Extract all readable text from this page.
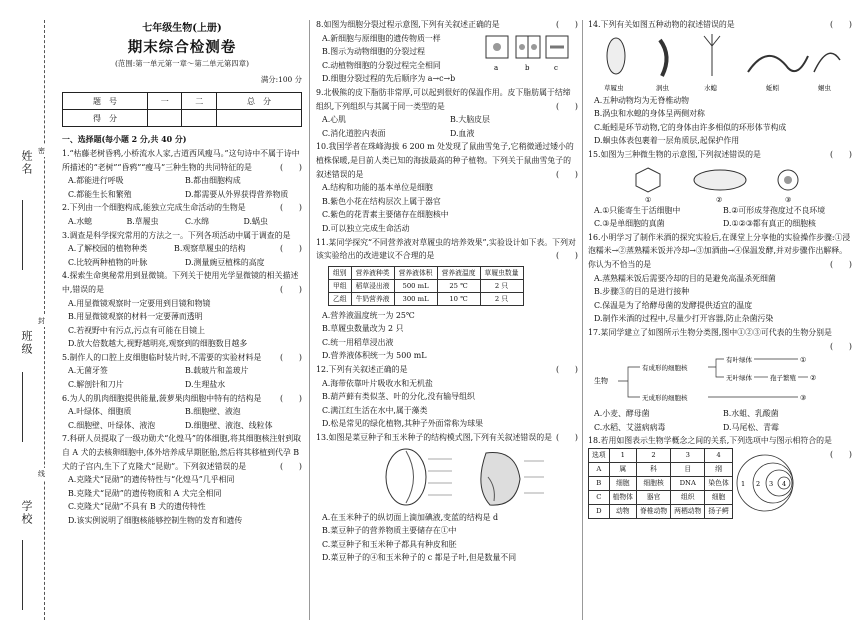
姓名
班级
学校
密
封
线
七年级生物(上册)
期末综合检测卷
(范围:第一单元第一章～第二单元第四章)
满分:100 分
题　号	一	二	总　分
得　分			
一、选择题(每小题 2 分,共 40 分)

1.“枯藤老树昏鸦,小桥流水人家,古道西风瘦马。”这句诗中不属于诗中所描述的“老树”“昏鸦”“瘦马”三种生物的共同特征的是	(　　)

A.都能进行呼吸	B.都由细胞构成
C.都能生长和繁殖	D.都需要从外界获得营养物质

2.下列由一个细胞构成,能独立完成生命活动的生物是	(　　)

A.水螅	B.草履虫	C.水绵	D.蜗虫

3.调查是科学探究常用的方法之一。下列各项活动中属于调查的是
(　　)

A.了解校园的植物种类	B.观察草履虫的结构
C.比较两种植物的叶脉	D.测量豌豆植株的高度

4.探索生命奥秘常用到显微镜。下列关于使用光学显微镜的相关描述中,错误的是	(　　)

A.用显微镜观察时一定要用到目镜和物镜
B.用显微镜观察的材料一定要薄而透明
C.若视野中有污点,污点有可能在目镜上
D.放大倍数越大,视野越明亮,观察到的细胞数目越多

5.制作人的口腔上皮细胞临时装片时,不需要的实验材料是 (　　)

A.无菌牙签	B.载玻片和盖玻片
C.解剖针和刀片	D.生理盐水

6.为人的肌肉细胞提供能量,菠萝果肉细胞中特有的结构是 (　　)

A.叶绿体、细胞质	B.细胞壁、液泡
C.细胞壁、叶绿体、液泡	D.细胞壁、液泡、线粒体

7.科研人员提取了一级功勋犬“化煌马”的体细胞,将其细胞核注射到取自 A 犬的去核卵细胞中,体外培养成早期胚胎,然后将其移植到代孕 B 犬的子宫内,生下了克隆犬“昆勋”。下列叙述错误的是	(　　)

A.克隆犬“昆勋”的遗传特性与“化煌马”几乎相同
B.克隆犬“昆勋”的遗传物质和 A 犬完全相同
C.克隆犬“昆勋”不具有 B 犬的遗传特性
D.该实例说明了细胞核能够控制生物的发育和遗传

8.如图为细胞分裂过程示意图,下列有关叙述正确的是	(　　)

A.新细胞与原细胞的遗传物质一样
B.图示为动物细胞的分裂过程
C.动植物细胞的分裂过程完全相同
D.细胞分裂过程的先后顺序为 a→c→b
a	b	c

9.北极熊的皮下脂肪非常厚,可以起到很好的保温作用。皮下脂肪属于结缔组织,下列组织与其属于同一类型的是	(　　)

A.心肌	B.大脑皮层
C.消化道腔内表面	D.血液

10.我国学者在珠峰海拔 6 200 m 处发现了鼠曲雪兔子,它稍微通过矮小的植株保暖,是目前人类已知的海拔最高的种子植物。下列关于鼠曲雪兔子的叙述错误的是	(　　)

A.结构和功能的基本单位是细胞
B.紫色小花在结构层次上属于器官
C.紫色的花青素主要储存在细胞核中
D.可以独立完成生命活动

11.某同学探究“不同营养液对草履虫的培养效果”,实验设计如下表。下列对该实验给出的改进建议不合理的是	(　　)

组别	营养液种类	营养液体积	营养液温度	草履虫数量
甲组	稻草浸出液	500 mL	25 ℃	2 只
乙组	牛奶营养液	300 mL	10 ℃	2 只
A.营养液温度统一为 25℃
B.草履虫数量改为 2 只
C.统一用稻草浸出液
D.营养液体积统一为 500 mL

12.下列有关叙述正确的是	(　　)

A.海带依靠叶片吸收水和无机盐
B.葫芦藓有类似茎、叶的分化,没有输导组织
C.满江红生活在水中,属于藻类
D.松是常见的绿化植物,其种子外面常称为球果

13.如图是菜豆种子和玉米种子的结构模式图,下列有关叙述错误的是 (　　)

A.在玉米种子的纵切面上滴加碘液,变蓝的结构是 d
B.菜豆种子的营养物质主要储存在①中
C.菜豆种子和玉米种子都具有种皮和胚
D.菜豆种子的④和玉米种子的 c 都是子叶,但是数量不同

14.下列有关如图五种动物的叙述错误的是	(　　)

草履虫	涡虫	水螅	蚯蚓	蛔虫
A.五种动物均为无脊椎动物
B.涡虫和水螅的身体呈两侧对称
C.蚯蚓是环节动物,它的身体由许多相似的环形体节构成
D.蛔虫体表包裹着一层角质层,起保护作用

15.如图为三种微生物的示意图,下列叙述错误的是	(　　)

①	②	③
A.①只能寄生于活细胞中	B.②可形成芽孢度过不良环境
C.③是单细胞的真菌	D.①②③都有真正的细胞核

16.小明学习了制作米酒的探究实验后,在课堂上分享他的实验操作步骤:①浸泡糯米→②蒸熟糯米饭并冷却→③加酒曲→④保温发酵,并对步骤作出解释。你认为不恰当的是	(　　)

A.蒸熟糯米饭后需要冷却的目的是避免高温杀死细菌
B.步骤③的目的是进行接种
C.保温是为了给酵母菌的发酵提供适宜的温度
D.制作米酒的过程中,尽量少打开容器,防止杂菌污染

17.某同学建立了如图所示生物分类图,图中①②③可代表的生物分别是
(　　)

生物
有成形的细胞核
无成形的细胞核
有叶绿体
无叶绿体
①
孢子繁殖 ②
③
A.小麦、酵母菌	B.水蛆、乳酸菌
C.水稻、艾滋病病毒	D.马尾松、青霉

18.若用如图表示生物学概念之间的关系,下列选项中与图示相符合的是
(　　)

选项	1	2	3	4
A	属	科	目	纲
B	细胞	细胞核	DNA	染色体
C	植物体	器官	组织	细胞
D	动物	脊椎动物	两栖动物	扬子鳄
1 2 3 4
